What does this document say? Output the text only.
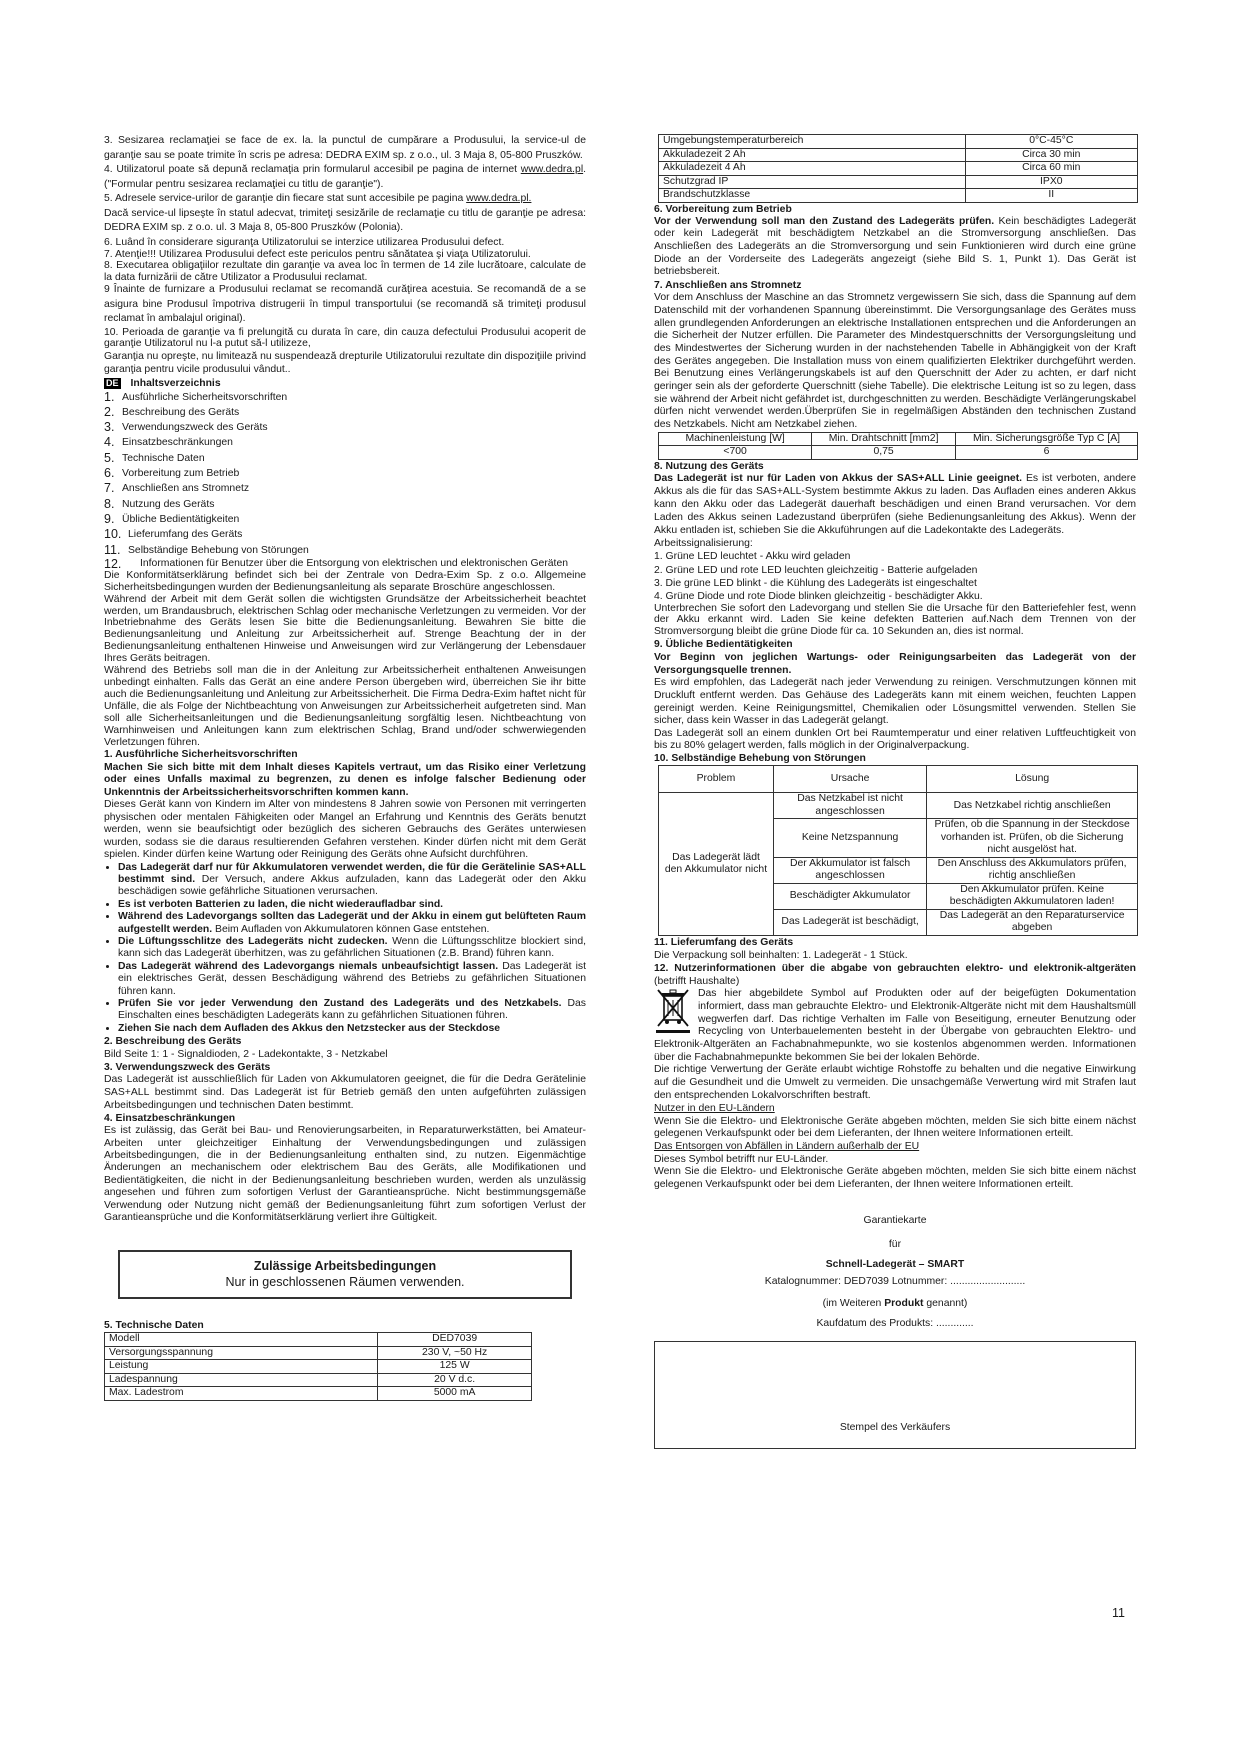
3. Sesizarea reclamaţiei se face de ex. la. la punctul de cumpărare a Produsului, la service-ul de garanţie sau se poate trimite în scris pe adresa: DEDRA EXIM sp. z o.o., ul. 3 Maja 8, 05-800 Pruszków.

4. Utilizatorul poate să depună reclamaţia prin formularul accesibil pe pagina de internet www.dedra.pl. ("Formular pentru sesizarea reclamaţiei cu titlu de garanţie").

5. Adresele service-urilor de garanţie din fiecare stat sunt accesibile pe pagina www.dedra.pl.

Dacă service-ul lipseşte în statul adecvat, trimiteţi sesizările de reclamaţie cu titlu de garanţie pe adresa: DEDRA EXIM sp. z o.o. ul. 3 Maja 8, 05-800 Pruszków (Polonia).

6. Luând în considerare siguranţa Utilizatorului se interzice utilizarea Produsului defect.

7. Atenţie!!! Utilizarea Produsului defect este periculos pentru sănătatea şi viaţa Utilizatorului.

8. Executarea obligaţiilor rezultate din garanţie va avea loc în termen de 14 zile lucrătoare, calculate de la data furnizării de către Utilizator a Produsului reclamat.

9 Înainte de furnizare a Produsului reclamat se recomandă curăţirea acestuia. Se recomandă de a se asigura bine Produsul împotriva distrugerii în timpul transportului (se recomandă să trimiteţi produsul reclamat în ambalajul original).

10. Perioada de garanţie va fi prelungită cu durata în care, din cauza defectului Produsului acoperit de garanţie Utilizatorul nu l-a putut să-l utilizeze,

Garanţia nu opreşte, nu limitează nu suspendează drepturile Utilizatorului rezultate din dispoziţiile privind garanţia pentru vicile produsului vândut..

DE Inhaltsverzeichnis
1. Ausführliche Sicherheitsvorschriften
2. Beschreibung des Geräts
3. Verwendungszweck des Geräts
4. Einsatzbeschränkungen
5. Technische Daten
6. Vorbereitung zum Betrieb
7. Anschließen ans Stromnetz
8. Nutzung des Geräts
9. Übliche Bedientätigkeiten
10. Lieferumfang des Geräts
11. Selbständige Behebung von Störungen
12.	Informationen für Benutzer über die Entsorgung von elektrischen und elektronischen Geräten

Die Konformitätserklärung befindet sich bei der Zentrale von Dedra-Exim Sp. z o.o. Allgemeine Sicherheitsbedingungen wurden der Bedienungsanleitung als separate Broschüre angeschlossen.

Während der Arbeit mit dem Gerät sollen die wichtigsten Grundsätze der Arbeitssicherheit beachtet werden, um Brandausbruch, elektrischen Schlag oder mechanische Verletzungen zu vermeiden. Vor der Inbetriebnahme des Geräts lesen Sie bitte die Bedienungsanleitung. Bewahren Sie bitte die Bedienungsanleitung und Anleitung zur Arbeitssicherheit auf. Strenge Beachtung der in der Bedienungsanleitung enthaltenen Hinweise und Anweisungen wird zur Verlängerung der Lebensdauer Ihres Geräts beitragen.

Während des Betriebs soll man die in der Anleitung zur Arbeitssicherheit enthaltenen Anweisungen unbedingt einhalten. Falls das Gerät an eine andere Person übergeben wird, überreichen Sie ihr bitte auch die Bedienungsanleitung und Anleitung zur Arbeitssicherheit. Die Firma Dedra-Exim haftet nicht für Unfälle, die als Folge der Nichtbeachtung von Anweisungen zur Arbeitssicherheit aufgetreten sind. Man soll alle Sicherheitsanleitungen und die Bedienungsanleitung sorgfältig lesen. Nichtbeachtung von Warnhinweisen und Anleitungen kann zum elektrischen Schlag, Brand und/oder schwerwiegenden Verletzungen führen.

1. Ausführliche Sicherheitsvorschriften

Machen Sie sich bitte mit dem Inhalt dieses Kapitels vertraut, um das Risiko einer Verletzung oder eines Unfalls maximal zu begrenzen, zu denen es infolge falscher Bedienung oder Unkenntnis der Arbeitssicherheitsvorschriften kommen kann.

Dieses Gerät kann von Kindern im Alter von mindestens 8 Jahren sowie von Personen mit verringerten physischen oder mentalen Fähigkeiten oder Mangel an Erfahrung und Kenntnis des Geräts benutzt werden, wenn sie beaufsichtigt oder bezüglich des sicheren Gebrauchs des Gerätes unterwiesen wurden, sodass sie die daraus resultierenden Gefahren verstehen. Kinder dürfen nicht mit dem Gerät spielen. Kinder dürfen keine Wartung oder Reinigung des Geräts ohne Aufsicht durchführen.

• Das Ladegerät darf nur für Akkumulatoren verwendet werden, die für die Gerätelinie SAS+ALL bestimmt sind. Der Versuch, andere Akkus aufzuladen, kann das Ladegerät oder den Akku beschädigen sowie gefährliche Situationen verursachen.
• Es ist verboten Batterien zu laden, die nicht wiederaufladbar sind.
• Während des Ladevorgangs sollten das Ladegerät und der Akku in einem gut belüfteten Raum aufgestellt werden. Beim Aufladen von Akkumulatoren können Gase entstehen.
• Die Lüftungsschlitze des Ladegeräts nicht zudecken. Wenn die Lüftungsschlitze blockiert sind, kann sich das Ladegerät überhitzen, was zu gefährlichen Situationen (z.B. Brand) führen kann.
• Das Ladegerät während des Ladevorgangs niemals unbeaufsichtigt lassen. Das Ladegerät ist ein elektrisches Gerät, dessen Beschädigung während des Betriebs zu gefährlichen Situationen führen kann.
• Prüfen Sie vor jeder Verwendung den Zustand des Ladegeräts und des Netzkabels. Das Einschalten eines beschädigten Ladegeräts kann zu gefährlichen Situationen führen.
• Ziehen Sie nach dem Aufladen des Akkus den Netzstecker aus der Steckdose

2. Beschreibung des Geräts

Bild Seite 1: 1 - Signaldioden, 2 - Ladekontakte, 3 - Netzkabel

3. Verwendungszweck des Geräts

Das Ladegerät ist ausschließlich für Laden von Akkumulatoren geeignet, die für die Dedra Gerätelinie SAS+ALL bestimmt sind. Das Ladegerät ist für Betrieb gemäß den unten aufgeführten zulässigen Arbeitsbedingungen und technischen Daten bestimmt.

4. Einsatzbeschränkungen

Es ist zulässig, das Gerät bei Bau- und Renovierungsarbeiten, in Reparaturwerkstätten, bei Amateur-Arbeiten unter gleichzeitiger Einhaltung der Verwendungsbedingungen und zulässigen Arbeitsbedingungen, die in der Bedienungsanleitung enthalten sind, zu nutzen. Eigenmächtige Änderungen an mechanischem oder elektrischem Bau des Geräts, alle Modifikationen und Bedientätigkeiten, die nicht in der Bedienungsanleitung beschrieben wurden, werden als unzulässig angesehen und führen zum sofortigen Verlust der Garantieansprüche. Nicht bestimmungsgemäße Verwendung oder Nutzung nicht gemäß der Bedienungsanleitung führt zum sofortigen Verlust der Garantieansprüche und die Konformitätserklärung verliert ihre Gültigkeit.

Zulässige Arbeitsbedingungen
Nur in geschlossenen Räumen verwenden.

5. Technische Daten

Modell	DED7039
Versorgungsspannung	230 V, ~50 Hz
Leistung	125 W
Ladespannung	20 V d.c.
Max. Ladestrom	5000 mA
Umgebungstemperaturbereich	0°C-45°C
Akkuladezeit 2 Ah	Circa 30 min
Akkuladezeit 4 Ah	Circa 60 min
Schutzgrad IP	IPX0
Brandschutzklasse	II

6. Vorbereitung zum Betrieb

Vor der Verwendung soll man den Zustand des Ladegeräts prüfen. Kein beschädigtes Ladegerät oder kein Ladegerät mit beschädigtem Netzkabel an die Stromversorgung anschließen. Das Anschließen des Ladegeräts an die Stromversorgung und sein Funktionieren wird durch eine grüne Diode an der Vorderseite des Ladegeräts angezeigt (siehe Bild S. 1, Punkt 1). Das Gerät ist betriebsbereit.

7. Anschließen ans Stromnetz

Vor dem Anschluss der Maschine an das Stromnetz vergewissern Sie sich, dass die Spannung auf dem Datenschild mit der vorhandenen Spannung übereinstimmt. Die Versorgungsanlage des Gerätes muss allen grundlegenden Anforderungen an elektrische Installationen entsprechen und die Anforderungen an die Sicherheit der Nutzer erfüllen. Die Parameter des Mindestquerschnitts der Versorgungsleitung und des Mindestwertes der Sicherung wurden in der nachstehenden Tabelle in Abhängigkeit von der Kraft des Gerätes angegeben. Die Installation muss von einem qualifizierten Elektriker durchgeführt werden. Bei Benutzung eines Verlängerungskabels ist auf den Querschnitt der Ader zu achten, er darf nicht geringer sein als der geforderte Querschnitt (siehe Tabelle). Die elektrische Leitung ist so zu legen, dass sie während der Arbeit nicht gefährdet ist, durchgeschnitten zu werden. Beschädigte Verlängerungskabel dürfen nicht verwendet werden.Überprüfen Sie in regelmäßigen Abständen den technischen Zustand des Netzkabels. Nicht am Netzkabel ziehen.

Machinenleistung [W]	Min. Drahtschnitt [mm2]	Min. Sicherungsgröße Typ C [A]
<700	0,75	6

8. Nutzung des Geräts

Das Ladegerät ist nur für Laden von Akkus der SAS+ALL Linie geeignet. Es ist verboten, andere Akkus als die für das SAS+ALL-System bestimmte Akkus zu laden. Das Aufladen eines anderen Akkus kann den Akku oder das Ladegerät dauerhaft beschädigen und einen Brand verursachen. Vor dem Laden des Akkus seinen Ladezustand überprüfen (siehe Bedienungsanleitung des Akkus). Wenn der Akku entladen ist, schieben Sie die Akkuführungen auf die Ladekontakte des Ladegeräts.

Arbeitssignalisierung:

1. Grüne LED leuchtet - Akku wird geladen

2. Grüne LED und rote LED leuchten gleichzeitig - Batterie aufgeladen

3. Die grüne LED blinkt - die Kühlung des Ladegeräts ist eingeschaltet

4. Grüne Diode und rote Diode blinken gleichzeitig - beschädigter Akku.

Unterbrechen Sie sofort den Ladevorgang und stellen Sie die Ursache für den Batteriefehler fest, wenn der Akku erkannt wird. Laden Sie keine defekten Batterien auf.Nach dem Trennen von der Stromversorgung bleibt die grüne Diode für ca. 10 Sekunden an, dies ist normal.

9. Übliche Bedientätigkeiten

Vor Beginn von jeglichen Wartungs- oder Reinigungsarbeiten das Ladegerät von der Versorgungsquelle trennen.

Es wird empfohlen, das Ladegerät nach jeder Verwendung zu reinigen. Verschmutzungen können mit Druckluft entfernt werden. Das Gehäuse des Ladegeräts kann mit einem weichen, feuchten Lappen gereinigt werden. Keine Reinigungsmittel, Chemikalien oder Lösungsmittel verwenden. Stellen Sie sicher, dass kein Wasser in das Ladegerät gelangt.

Das Ladegerät soll an einem dunklen Ort bei Raumtemperatur und einer relativen Luftfeuchtigkeit von bis zu 80% gelagert werden, falls möglich in der Originalverpackung.

10. Selbständige Behebung von Störungen

Problem	Ursache	Lösung
Das Ladegerät lädt den Akkumulator nicht	Das Netzkabel ist nicht angeschlossen	Das Netzkabel richtig anschließen
	Keine Netzspannung	Prüfen, ob die Spannung in der Steckdose vorhanden ist. Prüfen, ob die Sicherung nicht ausgelöst hat.
	Der Akkumulator ist falsch angeschlossen	Den Anschluss des Akkumulators prüfen, richtig anschließen
	Beschädigter Akkumulator	Den Akkumulator prüfen. Keine beschädigten Akkumulatoren laden!
	Das Ladegerät ist beschädigt,	Das Ladegerät an den Reparaturservice abgeben

11. Lieferumfang des Geräts

Die Verpackung soll beinhalten: 1. Ladegerät - 1 Stück.

12. Nutzerinformationen über die abgabe von gebrauchten elektro- und elektronik-altgeräten (betrifft Haushalte)

Das hier abgebildete Symbol auf Produkten oder auf der beigefügten Dokumentation informiert, dass man gebrauchte Elektro- und Elektronik-Altgeräte nicht mit dem Haushaltsmüll wegwerfen darf. Das richtige Verhalten im Falle von Beseitigung, erneuter Benutzung oder Recycling von Unterbauelementen besteht in der Übergabe von gebrauchten Elektro- und Elektronik-Altgeräten an Fachabnahmepunkte, wo sie kostenlos abgenommen werden. Informationen über die Fachabnahmepunkte bekommen Sie bei der lokalen Behörde.

Die richtige Verwertung der Geräte erlaubt wichtige Rohstoffe zu behalten und die negative Einwirkung auf die Gesundheit und die Umwelt zu vermeiden. Die unsachgemäße Verwertung wird mit Strafen laut den entsprechenden Lokalvorschriften bestraft.

Nutzer in den EU-Ländern

Wenn Sie die Elektro- und Elektronische Geräte abgeben möchten, melden Sie sich bitte einem nächst gelegenen Verkaufspunkt oder bei dem Lieferanten, der Ihnen weitere Informationen erteilt.

Das Entsorgen von Abfällen in Ländern außerhalb der EU

Dieses Symbol betrifft nur EU-Länder.

Wenn Sie die Elektro- und Elektronische Geräte abgeben möchten, melden Sie sich bitte einem nächst gelegenen Verkaufspunkt oder bei dem Lieferanten, der Ihnen weitere Informationen erteilt.

Garantiekarte
für
Schnell-Ladegerät – SMART
Katalognummer: DED7039 Lotnummer: ..........................
(im Weiteren Produkt genannt)
Kaufdatum des Produkts: .............
Stempel des Verkäufers
11
